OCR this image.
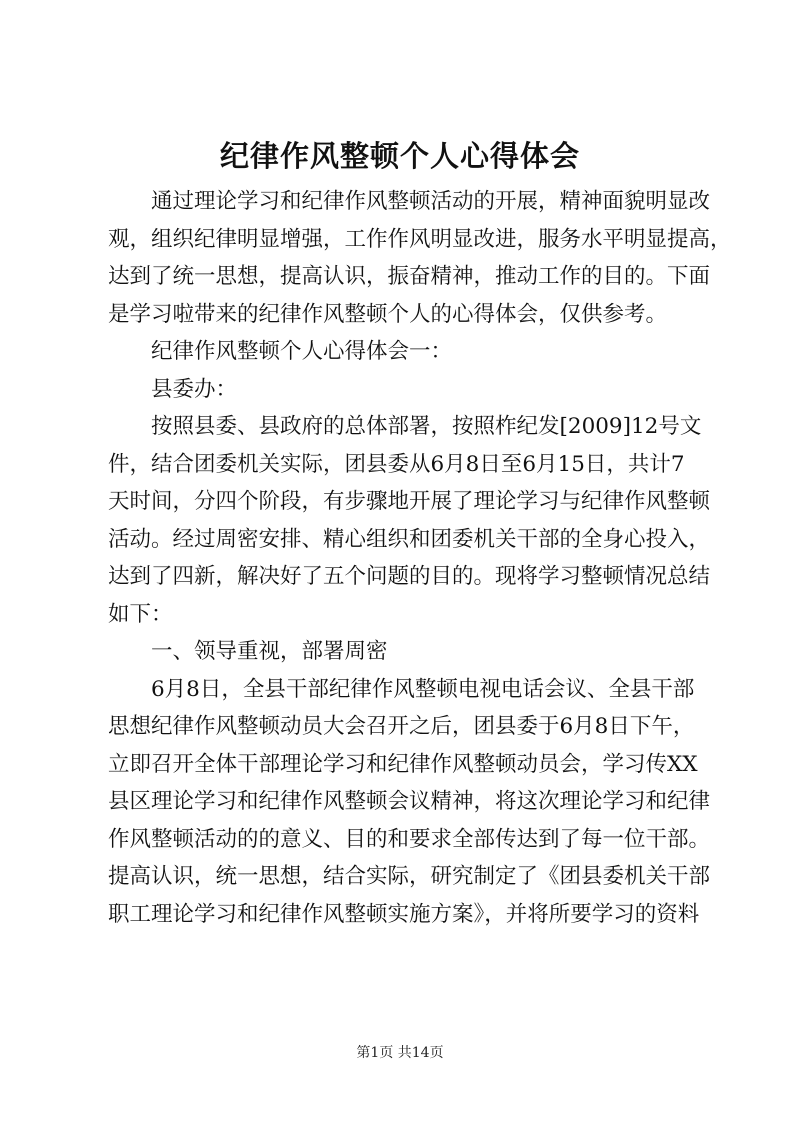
纪律作风整顿个人心得体会
通过理论学习和纪律作风整顿活动的开展，精神面貌明显改
观，组织纪律明显增强，工作作风明显改进，服务水平明显提高，
达到了统一思想，提高认识，振奋精神，推动工作的目的。下面
是学习啦带来的纪律作风整顿个人的心得体会，仅供参考。
纪律作风整顿个人心得体会一：
县委办：
按照县委、县政府的总体部署，按照柞纪发[2009]12号文
件，结合团委机关实际，团县委从6月8日至6月15日，共计7
天时间，分四个阶段，有步骤地开展了理论学习与纪律作风整顿
活动。经过周密安排、精心组织和团委机关干部的全身心投入，
达到了四新，解决好了五个问题的目的。现将学习整顿情况总结
如下：
一、领导重视，部署周密
6月8日，全县干部纪律作风整顿电视电话会议、全县干部
思想纪律作风整顿动员大会召开之后，团县委于6月8日下午，
立即召开全体干部理论学习和纪律作风整顿动员会，学习传XX
县区理论学习和纪律作风整顿会议精神，将这次理论学习和纪律
作风整顿活动的的意义、目的和要求全部传达到了每一位干部。
提高认识，统一思想，结合实际，研究制定了《团县委机关干部
职工理论学习和纪律作风整顿实施方案》，并将所要学习的资料
第1页 共14页
